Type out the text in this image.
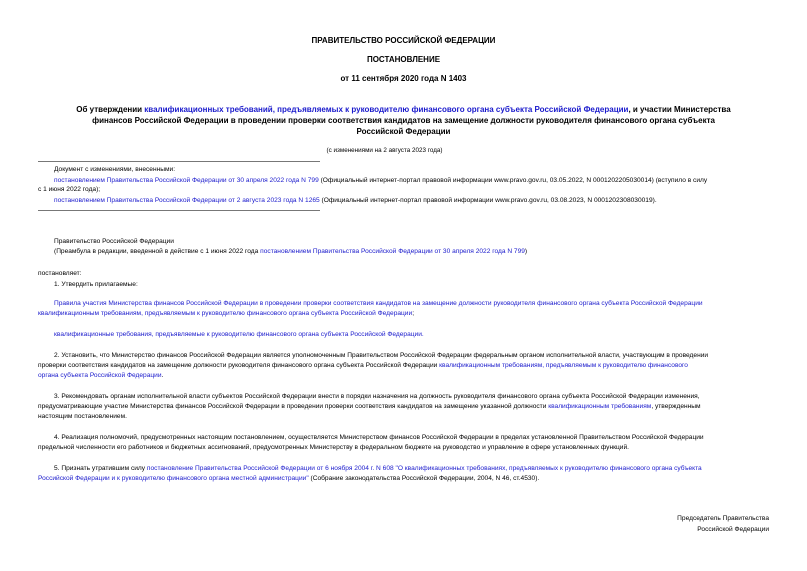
ПРАВИТЕЛЬСТВО РОССИЙСКОЙ ФЕДЕРАЦИИ
ПОСТАНОВЛЕНИЕ
от 11 сентября 2020 года N 1403
Об утверждении квалификационных требований, предъявляемых к руководителю финансового органа субъекта Российской Федерации, и участии Министерства
финансов Российской Федерации в проведении проверки соответствия кандидатов на замещение должности руководителя финансового органа субъекта
Российской Федерации
(с изменениями на 2 августа 2023 года)
Документ с изменениями, внесенными:
постановлением Правительства Российской Федерации от 30 апреля 2022 года N 799 (Официальный интернет-портал правовой информации www.pravo.gov.ru, 03.05.2022, N 0001202205030014) (вступило в силу
с 1 июня 2022 года);
постановлением Правительства Российской Федерации от 2 августа 2023 года N 1265 (Официальный интернет-портал правовой информации www.pravo.gov.ru, 03.08.2023, N 0001202308030019).
Правительство Российской Федерации
(Преамбула в редакции, введенной в действие с 1 июня 2022 года постановлением Правительства Российской Федерации от 30 апреля 2022 года N 799)
постановляет:
1. Утвердить прилагаемые:
Правила участия Министерства финансов Российской Федерации в проведении проверки соответствия кандидатов на замещение должности руководителя финансового органа субъекта Российской Федерации
квалификационным требованиям, предъявляемым к руководителю финансового органа субъекта Российской Федерации;
квалификационные требования, предъявляемые к руководителю финансового органа субъекта Российской Федерации.
2. Установить, что Министерство финансов Российской Федерации является уполномоченным Правительством Российской Федерации федеральным органом исполнительной власти, участвующим в проведении
проверки соответствия кандидатов на замещение должности руководителя финансового органа субъекта Российской Федерации квалификационным требованиям, предъявляемым к руководителю финансового
органа субъекта Российской Федерации.
3. Рекомендовать органам исполнительной власти субъектов Российской Федерации внести в порядки назначения на должность руководителя финансового органа субъекта Российской Федерации изменения,
предусматривающие участие Министерства финансов Российской Федерации в проведении проверки соответствия кандидатов на замещение указанной должности квалификационным требованиям, утвержденным
настоящим постановлением.
4. Реализация полномочий, предусмотренных настоящим постановлением, осуществляется Министерством финансов Российской Федерации в пределах установленной Правительством Российской Федерации
предельной численности его работников и бюджетных ассигнований, предусмотренных Министерству в федеральном бюджете на руководство и управление в сфере установленных функций.
5. Признать утратившим силу постановление Правительства Российской Федерации от 6 ноября 2004 г. N 608 "О квалификационных требованиях, предъявляемых к руководителю финансового органа субъекта
Российской Федерации и к руководителю финансового органа местной администрации" (Собрание законодательства Российской Федерации, 2004, N 46, ст.4530).
Председатель Правительства
Российской Федерации
